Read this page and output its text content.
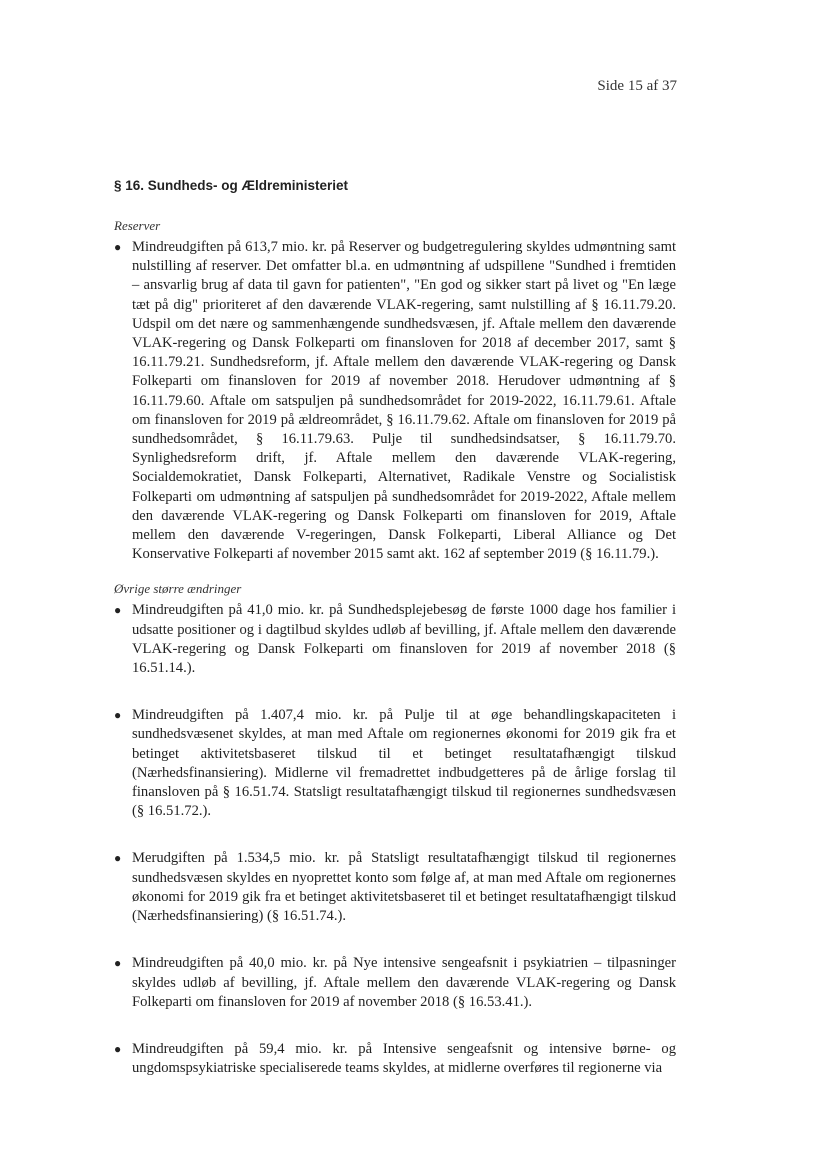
Side 15 af 37
§ 16. Sundheds- og Ældreministeriet
Reserver
● Mindreudgiften på 613,7 mio. kr. på Reserver og budgetregulering skyldes udmøntning samt nulstilling af reserver. Det omfatter bl.a. en udmøntning af udspillene "Sundhed i fremtiden – ansvarlig brug af data til gavn for patienten", "En god og sikker start på livet og "En læge tæt på dig" prioriteret af den daværende VLAK-regering, samt nulstilling af § 16.11.79.20. Udspil om det nære og sammenhængende sundhedsvæsen, jf. Aftale mellem den daværende VLAK-regering og Dansk Folkeparti om finansloven for 2018 af december 2017, samt § 16.11.79.21. Sundhedsreform, jf. Aftale mellem den daværende VLAK-regering og Dansk Folkeparti om finansloven for 2019 af november 2018. Herudover udmøntning af § 16.11.79.60. Aftale om satspuljen på sundhedsområdet for 2019-2022, 16.11.79.61. Aftale om finansloven for 2019 på ældreområdet, § 16.11.79.62. Aftale om finansloven for 2019 på sundhedsområdet, § 16.11.79.63. Pulje til sundhedsindsatser, § 16.11.79.70. Synlighedsreform drift, jf. Aftale mellem den daværende VLAK-regering, Socialdemokratiet, Dansk Folkeparti, Alternativet, Radikale Venstre og Socialistisk Folkeparti om udmøntning af satspuljen på sundhedsområdet for 2019-2022, Aftale mellem den daværende VLAK-regering og Dansk Folkeparti om finansloven for 2019, Aftale mellem den daværende V-regeringen, Dansk Folkeparti, Liberal Alliance og Det Konservative Folkeparti af november 2015 samt akt. 162 af september 2019 (§ 16.11.79.).
Øvrige større ændringer
● Mindreudgiften på 41,0 mio. kr. på Sundhedsplejebesøg de første 1000 dage hos familier i udsatte positioner og i dagtilbud skyldes udløb af bevilling, jf. Aftale mellem den daværende VLAK-regering og Dansk Folkeparti om finansloven for 2019 af november 2018 (§ 16.51.14.).
● Mindreudgiften på 1.407,4 mio. kr. på Pulje til at øge behandlingskapaciteten i sundhedsvæsenet skyldes, at man med Aftale om regionernes økonomi for 2019 gik fra et betinget aktivitetsbaseret tilskud til et betinget resultatafhængigt tilskud (Nærhedsfinansiering). Midlerne vil fremadrettet indbudgetteres på de årlige forslag til finansloven på § 16.51.74. Statsligt resultatafhængigt tilskud til regionernes sundhedsvæsen (§ 16.51.72.).
● Merudgiften på 1.534,5 mio. kr. på Statsligt resultatafhængigt tilskud til regionernes sundhedsvæsen skyldes en nyoprettet konto som følge af, at man med Aftale om regionernes økonomi for 2019 gik fra et betinget aktivitetsbaseret til et betinget resultatafhængigt tilskud (Nærhedsfinansiering) (§ 16.51.74.).
● Mindreudgiften på 40,0 mio. kr. på Nye intensive sengeafsnit i psykiatrien – tilpasninger skyldes udløb af bevilling, jf. Aftale mellem den daværende VLAK-regering og Dansk Folkeparti om finansloven for 2019 af november 2018 (§ 16.53.41.).
● Mindreudgiften på 59,4 mio. kr. på Intensive sengeafsnit og intensive børne- og ungdomspsykiatriske specialiserede teams skyldes, at midlerne overføres til regionerne via
